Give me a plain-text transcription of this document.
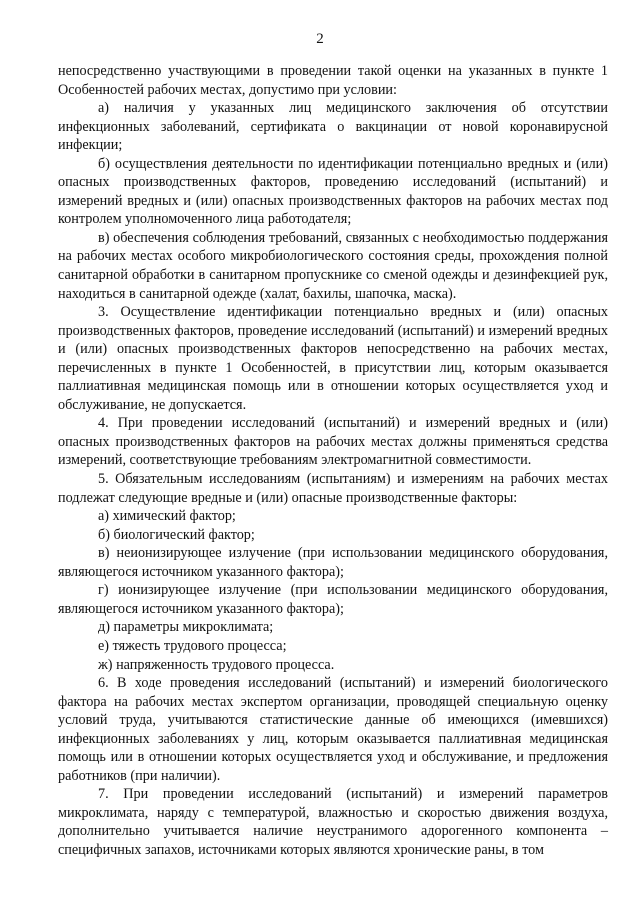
2

непосредственно участвующими в проведении такой оценки на указанных в пункте 1 Особенностей рабочих местах, допустимо при условии:

а) наличия у указанных лиц медицинского заключения об отсутствии инфекционных заболеваний, сертификата о вакцинации от новой коронавирусной инфекции;

б) осуществления деятельности по идентификации потенциально вредных и (или) опасных производственных факторов, проведению исследований (испытаний) и измерений вредных и (или) опасных производственных факторов на рабочих местах под контролем уполномоченного лица работодателя;

в) обеспечения соблюдения требований, связанных с необходимостью поддержания на рабочих местах особого микробиологического состояния среды, прохождения полной санитарной обработки в санитарном пропускнике со сменой одежды и дезинфекцией рук, находиться в санитарной одежде (халат, бахилы, шапочка, маска).

3. Осуществление идентификации потенциально вредных и (или) опасных производственных факторов, проведение исследований (испытаний) и измерений вредных и (или) опасных производственных факторов непосредственно на рабочих местах, перечисленных в пункте 1 Особенностей, в присутствии лиц, которым оказывается паллиативная медицинская помощь или в отношении которых осуществляется уход и обслуживание, не допускается.

4. При проведении исследований (испытаний) и измерений вредных и (или) опасных производственных факторов на рабочих местах должны применяться средства измерений, соответствующие требованиям электромагнитной совместимости.

5. Обязательным исследованиям (испытаниям) и измерениям на рабочих местах подлежат следующие вредные и (или) опасные производственные факторы:

а) химический фактор;

б) биологический фактор;

в) неионизирующее излучение (при использовании медицинского оборудования, являющегося источником указанного фактора);

г) ионизирующее излучение (при использовании медицинского оборудования, являющегося источником указанного фактора);

д) параметры микроклимата;

е) тяжесть трудового процесса;

ж) напряженность трудового процесса.

6. В ходе проведения исследований (испытаний) и измерений биологического фактора на рабочих местах экспертом организации, проводящей специальную оценку условий труда, учитываются статистические данные об имеющихся (имевшихся) инфекционных заболеваниях у лиц, которым оказывается паллиативная медицинская помощь или в отношении которых осуществляется уход и обслуживание, и предложения работников (при наличии).

7. При проведении исследований (испытаний) и измерений параметров микроклимата, наряду с температурой, влажностью и скоростью движения воздуха, дополнительно учитывается наличие неустранимого адорогенного компонента – специфичных запахов, источниками которых являются хронические раны, в том
